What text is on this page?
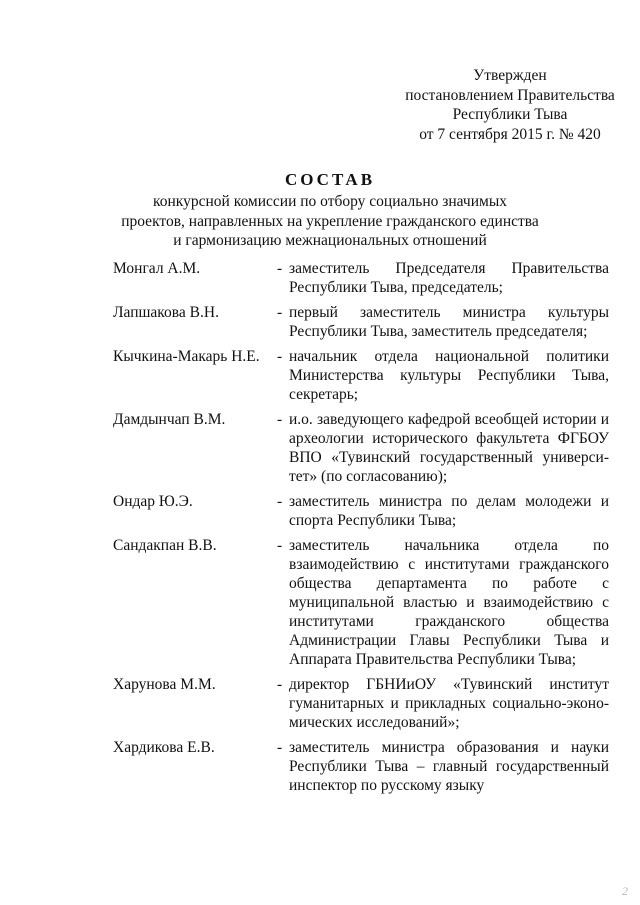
Утвержден
постановлением Правительства
Республики Тыва
от 7 сентября 2015 г. № 420
СОСТАВ
конкурсной комиссии по отбору социально значимых
проектов, направленных на укрепление гражданского единства
и гармонизацию межнациональных отношений
Монгал А.М.	- заместитель Председателя Правительства
Республики Тыва, председатель;
Лапшакова В.Н.	- первый заместитель министра культуры
Республики Тыва, заместитель председателя;
Кычкина-Макарь Н.Е.	- начальник отдела национальной политики
Министерства культуры Республики Тыва,
секретарь;
Дамдынчап В.М.	- и.о. заведующего кафедрой всеобщей истории и
археологии исторического факультета ФГБОУ
ВПО «Тувинский государственный универси-
тет» (по согласованию);
Ондар Ю.Э.	- заместитель министра по делам молодежи и
спорта Республики Тыва;
Сандакпан В.В.	- заместитель начальника отдела по
взаимодействию с институтами гражданского
общества департамента по работе с
муниципальной властью и взаимодействию с
институтами гражданского общества
Администрации Главы Республики Тыва и
Аппарата Правительства Республики Тыва;
Харунова М.М.	- директор ГБНИиОУ «Тувинский институт
гуманитарных и прикладных социально-эконо-
мических исследований»;
Хардикова Е.В.	- заместитель министра образования и науки
Республики Тыва – главный государственный
инспектор по русскому языку
2
